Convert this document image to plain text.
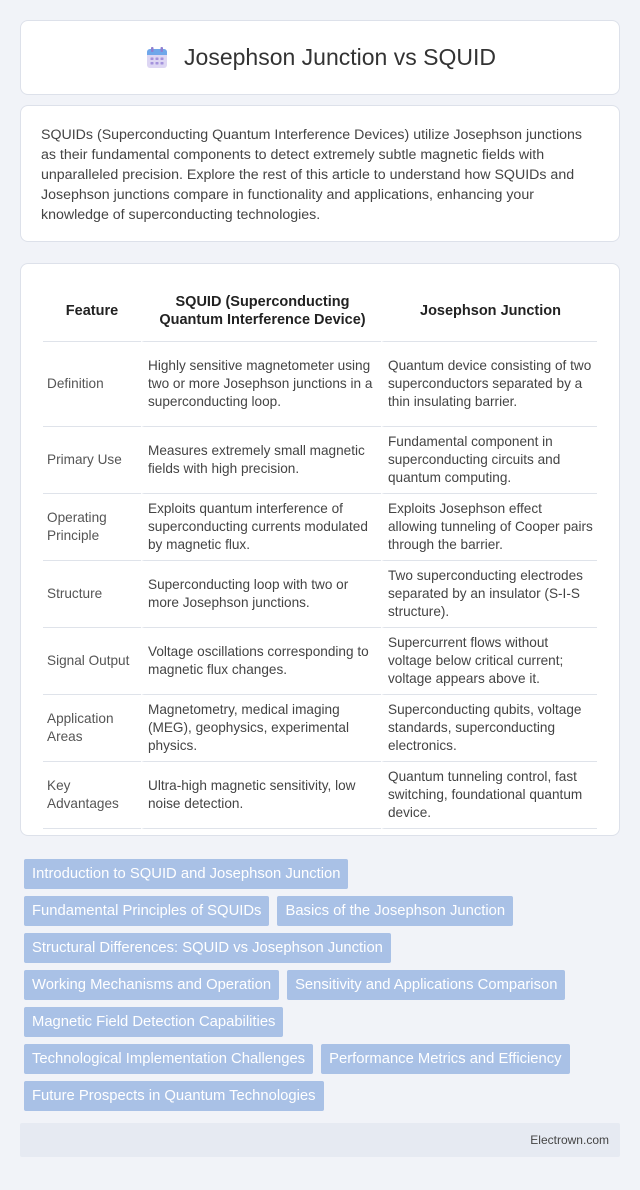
Josephson Junction vs SQUID

SQUIDs (Superconducting Quantum Interference Devices) utilize Josephson junctions as their fundamental components to detect extremely subtle magnetic fields with unparalleled precision. Explore the rest of this article to understand how SQUIDs and Josephson junctions compare in functionality and applications, enhancing your knowledge of superconducting technologies.

Feature	SQUID (Superconducting Quantum Interference Device)	Josephson Junction
Definition	Highly sensitive magnetometer using two or more Josephson junctions in a superconducting loop.	Quantum device consisting of two superconductors separated by a thin insulating barrier.
Primary Use	Measures extremely small magnetic fields with high precision.	Fundamental component in superconducting circuits and quantum computing.
Operating Principle	Exploits quantum interference of superconducting currents modulated by magnetic flux.	Exploits Josephson effect allowing tunneling of Cooper pairs through the barrier.
Structure	Superconducting loop with two or more Josephson junctions.	Two superconducting electrodes separated by an insulator (S-I-S structure).
Signal Output	Voltage oscillations corresponding to magnetic flux changes.	Supercurrent flows without voltage below critical current; voltage appears above it.
Application Areas	Magnetometry, medical imaging (MEG), geophysics, experimental physics.	Superconducting qubits, voltage standards, superconducting electronics.
Key Advantages	Ultra-high magnetic sensitivity, low noise detection.	Quantum tunneling control, fast switching, foundational quantum device.
Introduction to SQUID and Josephson Junction
Fundamental Principles of SQUIDs	Basics of the Josephson Junction
Structural Differences: SQUID vs Josephson Junction
Working Mechanisms and Operation	Sensitivity and Applications Comparison
Magnetic Field Detection Capabilities
Technological Implementation Challenges	Performance Metrics and Efficiency
Future Prospects in Quantum Technologies
Electrown.com
